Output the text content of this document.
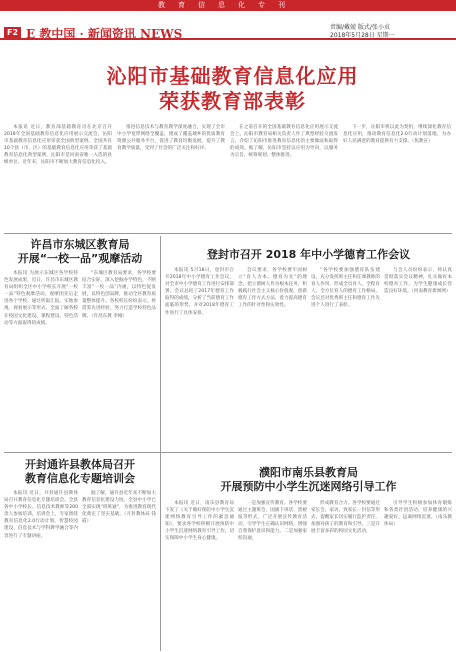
教育信息化专刊
F2 E 教中国 · 新闻资讯 NEWS	责编/戴兢 版式/张小贞
2018年5月28日 星期一
沁阳市基础教育信息化应用
荣获教育部表彰

本报讯 近日，教育部基础教育司在北京召开2018年全国基础教育信息化应用展示交流会，沁阳市基础教育信息化应用荣获全国典型案例。全国共有10个县（市、区）的基础教育信息化应用荣获了基础教育信息化典型案例，沁阳市是河南省唯一入选的县级单位。近年来，沁阳市不断加大教育信息化投入，

推进信息技术与教育教学深度融合，实现了全市中小学宽带网络全覆盖，建成了覆盖城乡的优质教育资源公共服务平台，促进了教育均衡发展，提升了教育教学质量，受到了社会的广泛关注和好评。

在之前召开的全国基础教育信息化应用展示交流会上，沁阳市教育局相关负责人作了典型经验交流发言，介绍了沁阳市推进教育信息化的主要做法和取得的成效。据了解，沁阳市坚持以应用为导向，以服务为宗旨，统筹规划，整体推进。

下一步，沁阳市将以此为契机，继续深化教育信息化应用，推动教育信息化2.0行动计划落地，为办好人民满意的教育提供有力支撑。（焦教宣）

许昌市东城区教育局
开展“一校一品”观摩活动

本报讯 为展示东城区各学校特色发展成果，近日，许昌市东城区教育局组织全区中小学校长开展“一校一品”特色观摩活动。观摩团先后走进各个学校，通过听取汇报、实地参观、观看展示等形式，全面了解各校在校园文化建设、课程建设、特色活动等方面取得的成绩。

“东城区教育局要求，各学校要结合实际，深入挖掘办学特色，不断丰富“一校一品”内涵，以特色促发展，以特色创品牌，推动全区教育质量整体提升。各校校长纷纷表示，将借鉴先进经验，努力打造学校特色品牌。（许昌东教 李刚）

登封市召开 2018 年中小学德育工作会议

本报讯 5月18日，登封市召开2018年中小学德育工作会议，对全市中小学德育工作进行安排部署。会议总结了2017年德育工作取得的成绩，分析了当前德育工作面临的形势，并对2018年德育工作进行了具体安排。

会议要求，各学校要牢固树立“育人为本、德育为先”的理念，把立德树人作为根本任务，积极践行社会主义核心价值观，创新德育工作方式方法，着力提高德育工作的针对性和实效性。

“各学校要加强德育队伍建设，充分发挥班主任和任课教师的育人作用，形成全员育人、全程育人、全方位育人的德育工作格局。会议还对优秀班主任和德育工作先进个人进行了表彰。

与会人员纷纷表示，将认真贯彻落实会议精神，扎实做好本校德育工作，为学生健康成长营造良好环境。（河南教育新闻网）

开封通许县教体局召开
教育信息化专题培训会

本报讯 近日，开封通许县教体局召开教育信息化专题培训会。全县各中小学校长、信息技术教师等200余人参加培训。培训会上，专家围绕教育信息化2.0行动计划、智慧校园建设、信息技术与学科教学融合等内容进行了专题讲座。

据了解，通许县近年来不断加大教育信息化建设力度，全县中小学已全部实现“班班通”，为推进教育现代化奠定了坚实基础。（开封教体局 钱霞）

濮阳市南乐县教育局
开展预防中小学生沉迷网络引导工作

本报讯 近日，南乐县教育局下发了《关于做好预防中小学生沉迷网络教育引导工作的紧急通知》，要求各学校积极开展预防中小学生沉迷网络教育引导工作，切实保障中小学生身心健康。

一是加强宣传教育。各学校要通过主题班会、国旗下讲话、黑板报等形式，广泛开展宣传教育活动，引导学生正确认识网络，增强自我保护意识和能力。二是加强家校沟通，

形成教育合力。各学校要通过家长会、家访、致家长一封信等形式，提醒家长切实履行监护责任，加强对孩子的教育和引导。三是开展丰富多彩的校园文化活动，

引导学生积极参加体育锻炼和各类社团活动，培养健康的兴趣爱好，远离网络沉迷。（南乐教体局）
